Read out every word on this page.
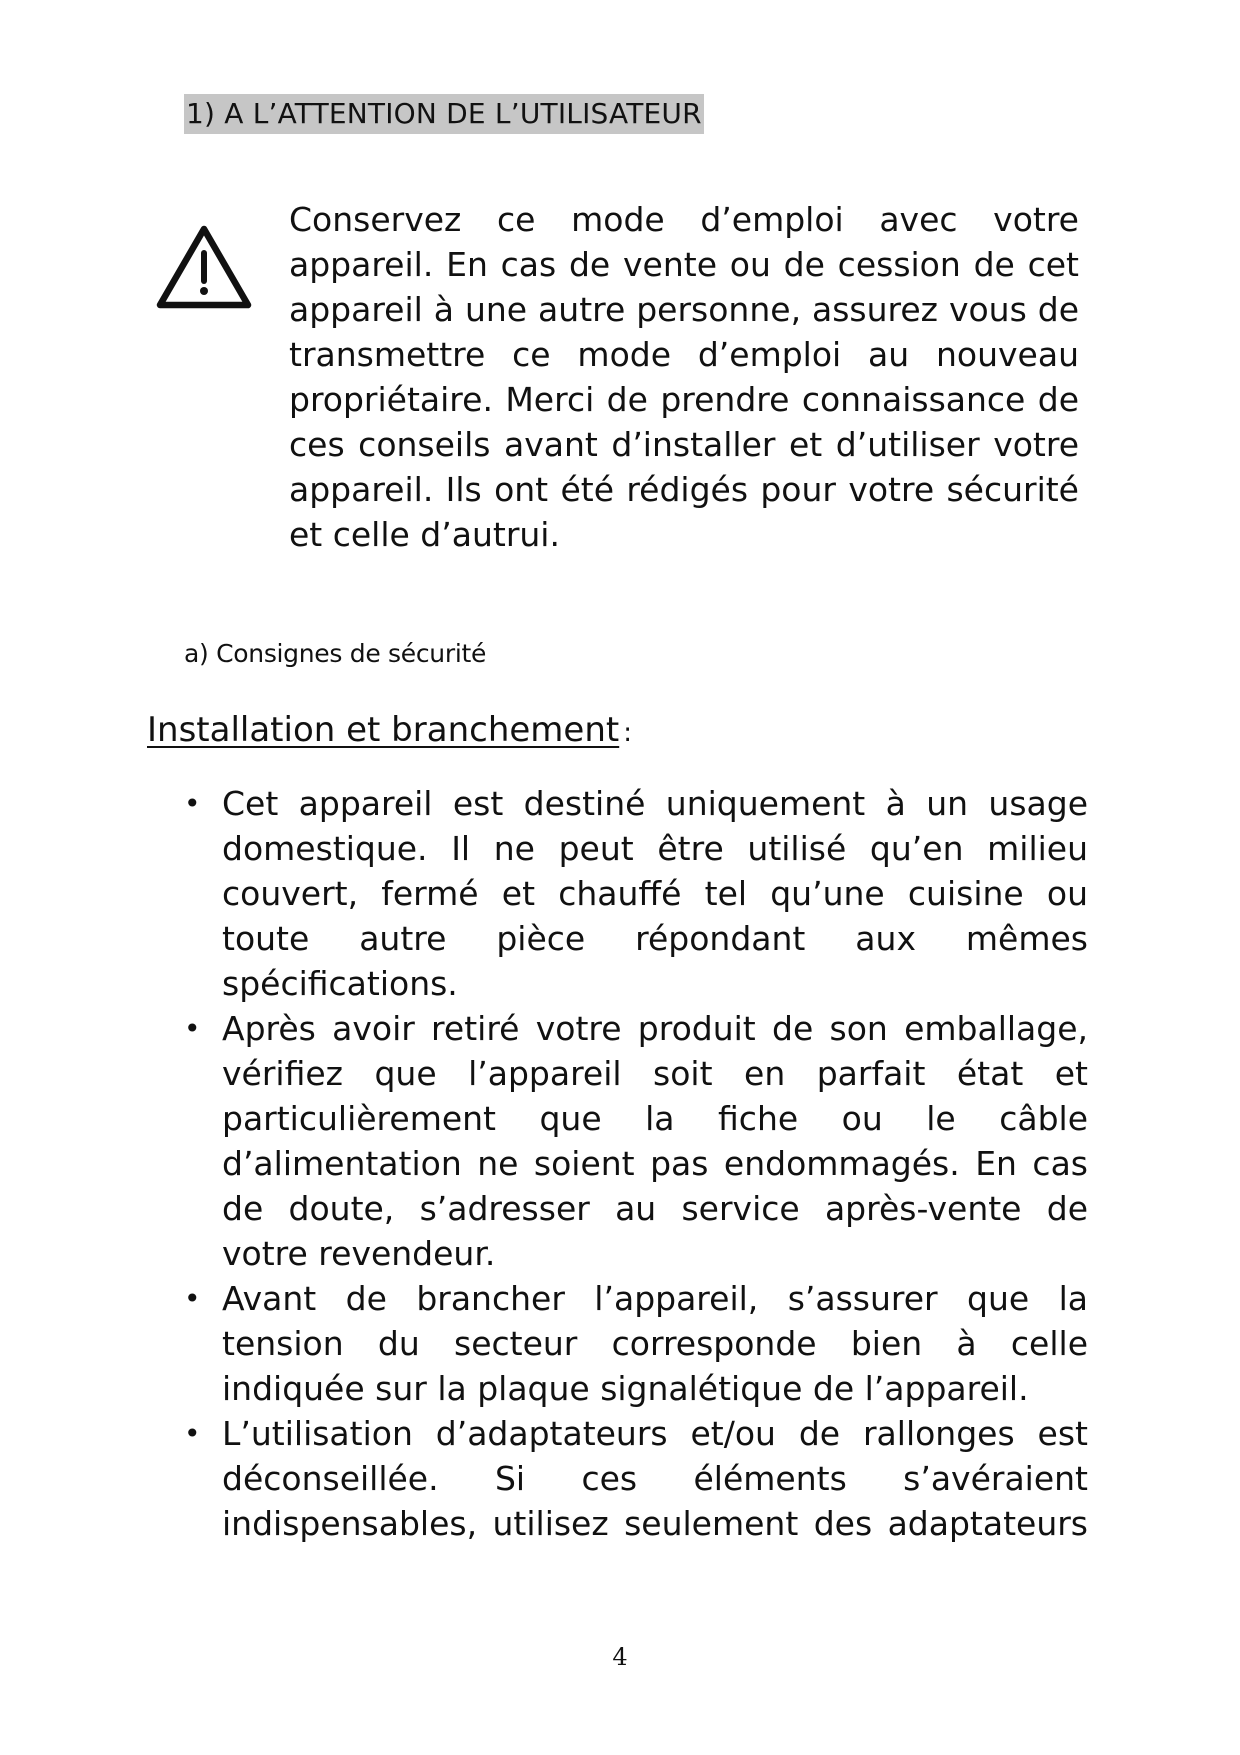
1) A L’ATTENTION DE L’UTILISATEUR
Conservez ce mode d’emploi avec votre appareil. En cas de vente ou de cession de cet appareil à une autre personne, assurez vous de transmettre ce mode d’emploi au nouveau propriétaire. Merci de prendre connaissance de ces conseils avant d’installer et d’utiliser votre appareil. Ils ont été rédigés pour votre sécurité et celle d’autrui.
a) Consignes de sécurité
Installation et branchement :
• Cet appareil est destiné uniquement à un usage domestique. Il ne peut être utilisé qu’en milieu couvert, fermé et chauffé tel qu’une cuisine ou toute autre pièce répondant aux mêmes spécifications.
• Après avoir retiré votre produit de son emballage, vérifiez que l’appareil soit en parfait état et particulièrement que la fiche ou le câble d’alimentation ne soient pas endommagés. En cas de doute, s’adresser au service après-vente de votre revendeur.
• Avant de brancher l’appareil, s’assurer que la tension du secteur corresponde bien à celle indiquée sur la plaque signalétique de l’appareil.
• L’utilisation d’adaptateurs et/ou de rallonges est déconseillée. Si ces éléments s’avéraient indispensables, utilisez seulement des adaptateurs
4
